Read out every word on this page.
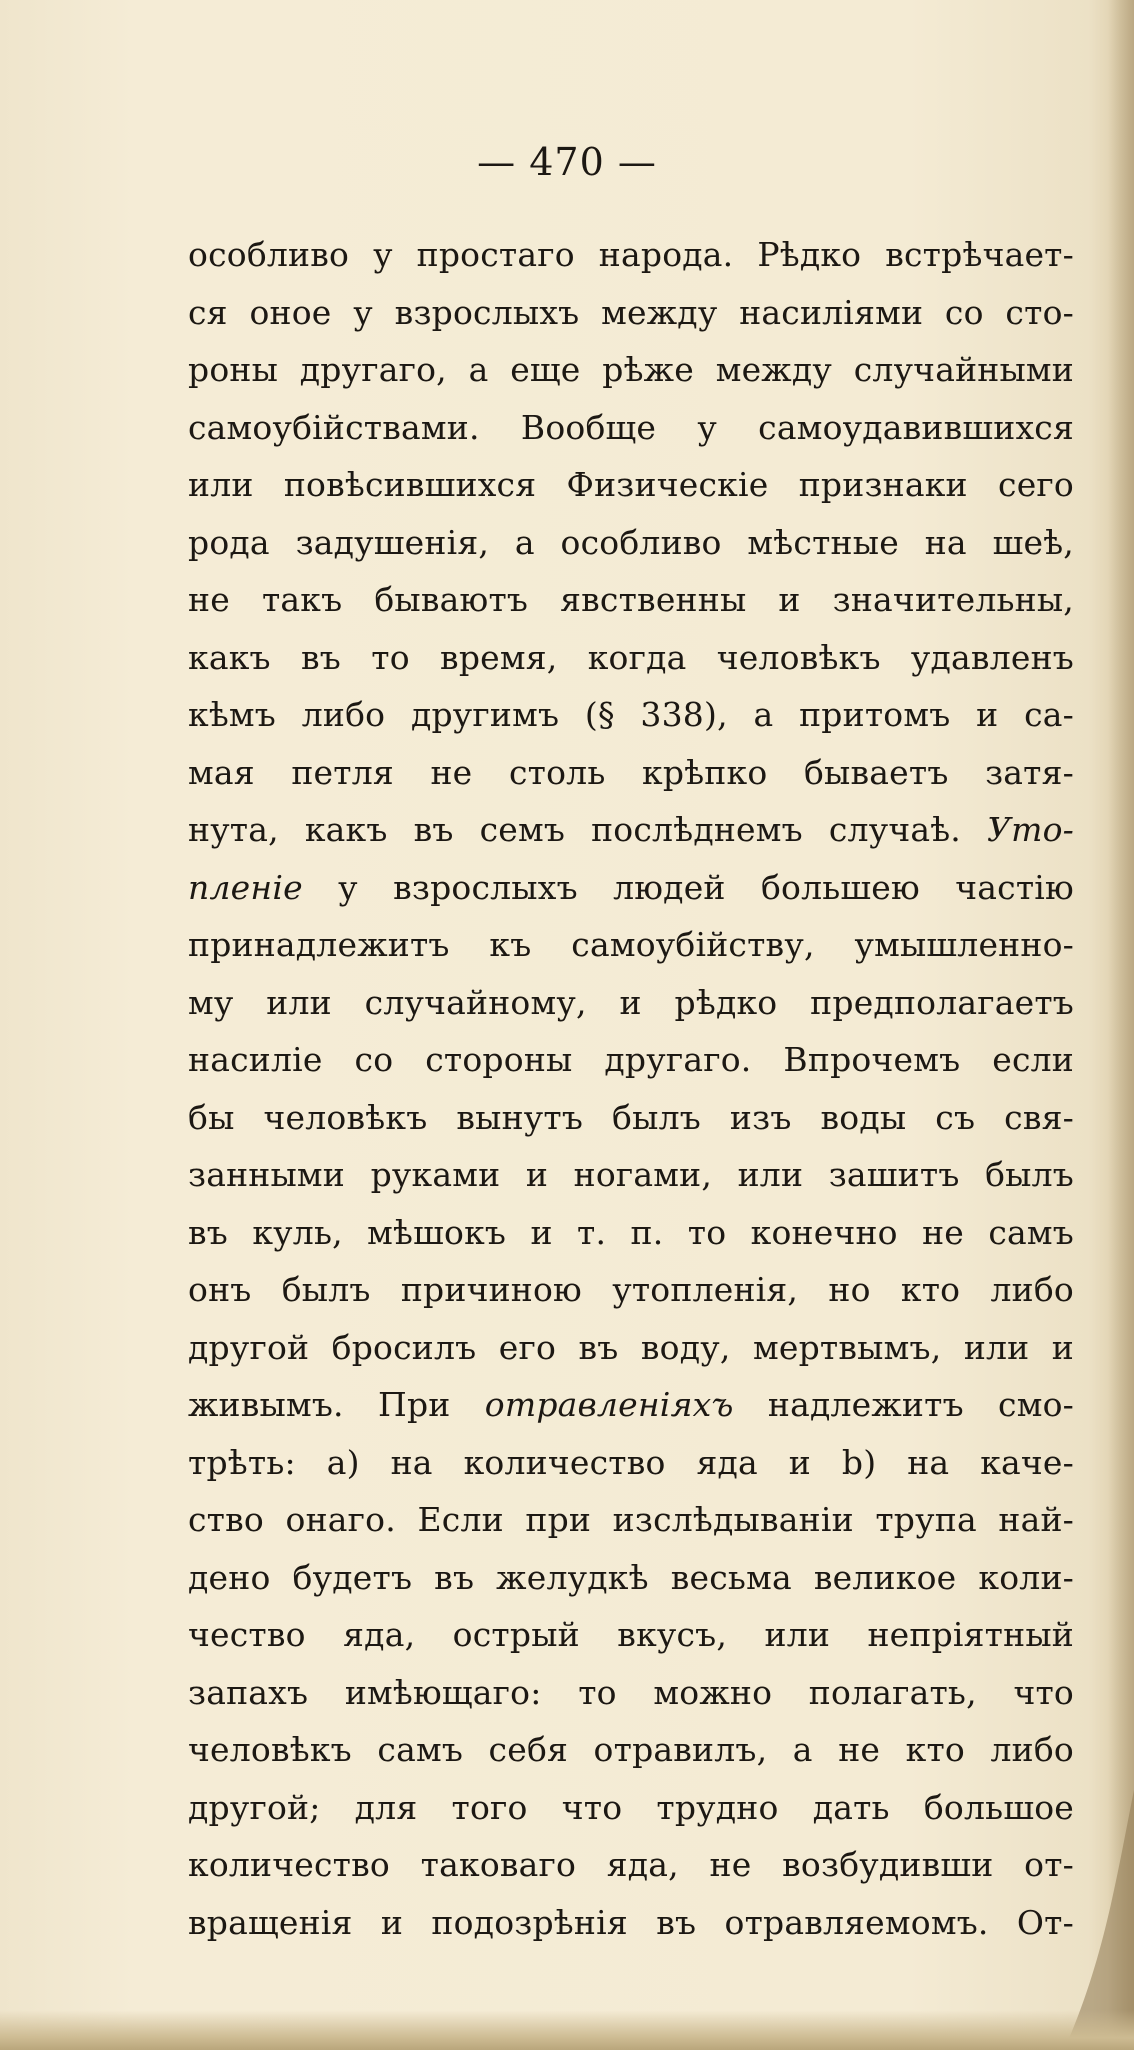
— 470 —
особливо у простаго народа. Рѣдко встрѣчает-
ся оное у взрослыхъ между насиліями со сто-
роны другаго, а еще рѣже между случайными
самоубійствами. Вообще у самоудавившихся
или повѣсившихся Физическіе признаки сего
рода задушенія, а особливо мѣстные на шеѣ,
не такъ бываютъ явственны и значительны,
какъ въ то время, когда человѣкъ удавленъ
кѣмъ либо другимъ (§ 338), а притомъ и са-
мая петля не столь крѣпко бываетъ затя-
нута, какъ въ семъ послѣднемъ случаѣ. Уто-
пленіе у взрослыхъ людей большею частію
принадлежитъ къ самоубійству, умышленно-
му или случайному, и рѣдко предполагаетъ
насиліе со стороны другаго. Впрочемъ если
бы человѣкъ вынутъ былъ изъ воды съ свя-
занными руками и ногами, или зашитъ былъ
въ куль, мѣшокъ и т. п. то конечно не самъ
онъ былъ причиною утопленія, но кто либо
другой бросилъ его въ воду, мертвымъ, или и
живымъ. При отравленіяхъ надлежитъ смо-
трѣть: а) на количество яда и b) на каче-
ство онаго. Если при изслѣдываніи трупа най-
дено будетъ въ желудкѣ весьма великое коли-
чество яда, острый вкусъ, или непріятный
запахъ имѣющаго: то можно полагать, что
человѣкъ самъ себя отравилъ, а не кто либо
другой; для того что трудно дать большое
количество таковаго яда, не возбудивши от-
вращенія и подозрѣнія въ отравляемомъ. От-
